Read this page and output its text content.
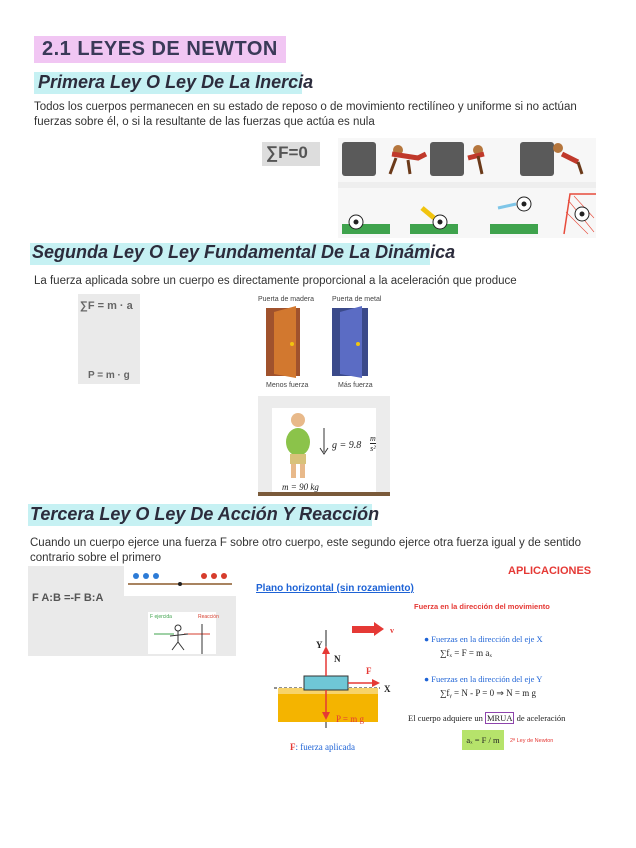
2.1 LEYES DE NEWTON
Primera Ley O Ley De La Inercia
Todos los cuerpos permanecen en su estado de reposo o de movimiento rectilíneo y uniforme si no actúan fuerzas sobre él, o si la resultante de las fuerzas que actúa es nula
∑F=0
Segunda Ley O Ley Fundamental De La Dinámica
La fuerza aplicada sobre un cuerpo es directamente proporcional a la aceleración que produce
∑F = m · a
P = m · g
Puerta de madera	Puerta de metal
Menos fuerza	Más fuerza
$g = 9.8 \frac{m}{\text{s²}}$
m = 90 kg
Tercera Ley O Ley De Acción Y Reacción
Cuando un cuerpo ejerce una fuerza F sobre otro cuerpo, este segundo ejerce otra fuerza igual y de sentido contrario sobre el primero
F A:B =-F B:A
F ejercida	Reacción
APLICACIONES
Plano horizontal (sin rozamiento)
Fuerza en la dirección del movimiento
Y
X
N
F
v
P = m g
F: fuerza aplicada
● Fuerzas en la dirección del eje X
∑fₓ = F = m aₓ
● Fuerzas en la dirección del eje Y
∑fᵧ = N - P = 0 ⇒ N = m g
El cuerpo adquiere un MRUA de aceleración
aₓ = F / m	2ª Ley de Newton
